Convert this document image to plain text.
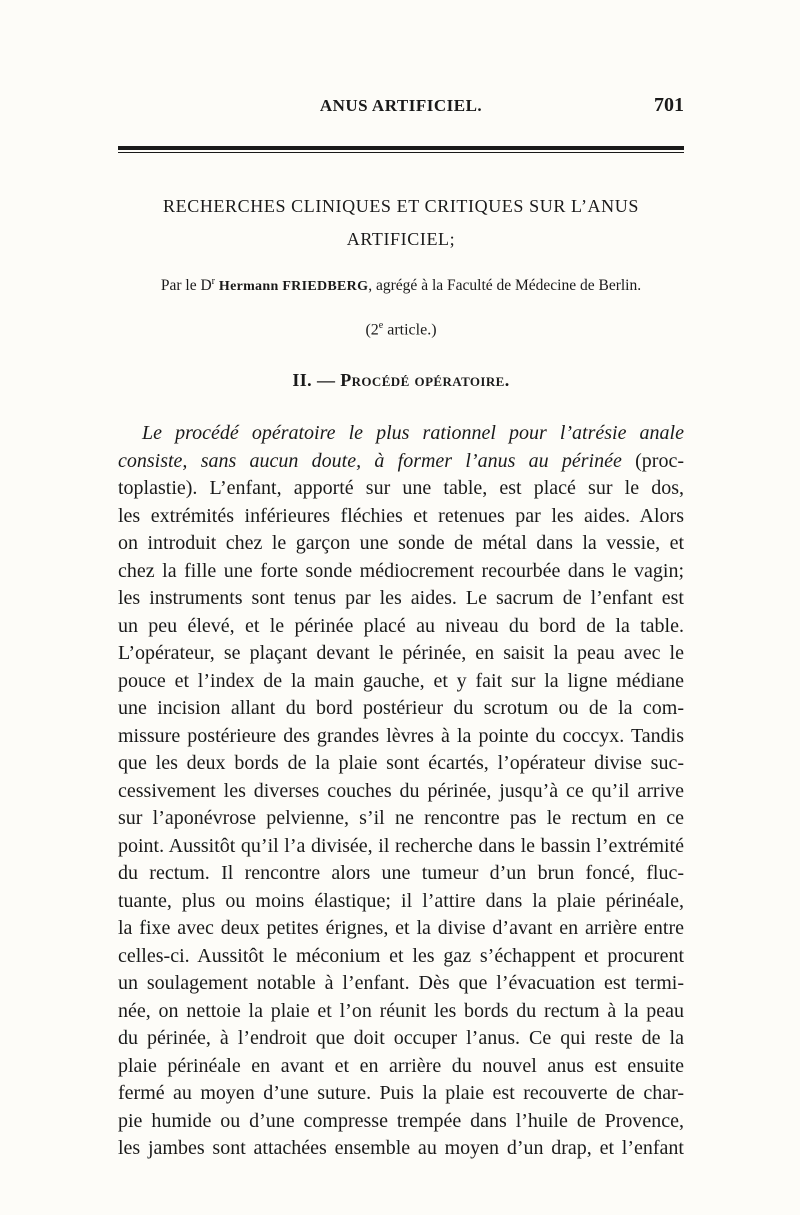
ANUS ARTIFICIEL.	701
RECHERCHES CLINIQUES ET CRITIQUES SUR L’ANUS
ARTIFICIEL;
Par le $D^r$ Hermann FRIEDBERG, agrégé à la Faculté de Médecine de Berlin.
(2e article.)
II. — Procédé opératoire.
Le procédé opératoire le plus rationnel pour l’atrésie anale
consiste, sans aucun doute, à former l’anus au périnée (proc-
toplastie). L’enfant, apporté sur une table, est placé sur le dos,
les extrémités inférieures fléchies et retenues par les aides. Alors
on introduit chez le garçon une sonde de métal dans la vessie, et
chez la fille une forte sonde médiocrement recourbée dans le vagin;
les instruments sont tenus par les aides. Le sacrum de l’enfant est
un peu élevé, et le périnée placé au niveau du bord de la table.
L’opérateur, se plaçant devant le périnée, en saisit la peau avec le
pouce et l’index de la main gauche, et y fait sur la ligne médiane
une incision allant du bord postérieur du scrotum ou de la com-
missure postérieure des grandes lèvres à la pointe du coccyx. Tandis
que les deux bords de la plaie sont écartés, l’opérateur divise suc-
cessivement les diverses couches du périnée, jusqu’à ce qu’il arrive
sur l’aponévrose pelvienne, s’il ne rencontre pas le rectum en ce
point. Aussitôt qu’il l’a divisée, il recherche dans le bassin l’extrémité
du rectum. Il rencontre alors une tumeur d’un brun foncé, fluc-
tuante, plus ou moins élastique; il l’attire dans la plaie périnéale,
la fixe avec deux petites érignes, et la divise d’avant en arrière entre
celles-ci. Aussitôt le méconium et les gaz s’échappent et procurent
un soulagement notable à l’enfant. Dès que l’évacuation est termi-
née, on nettoie la plaie et l’on réunit les bords du rectum à la peau
du périnée, à l’endroit que doit occuper l’anus. Ce qui reste de la
plaie périnéale en avant et en arrière du nouvel anus est ensuite
fermé au moyen d’une suture. Puis la plaie est recouverte de char-
pie humide ou d’une compresse trempée dans l’huile de Provence,
les jambes sont attachées ensemble au moyen d’un drap, et l’enfant
